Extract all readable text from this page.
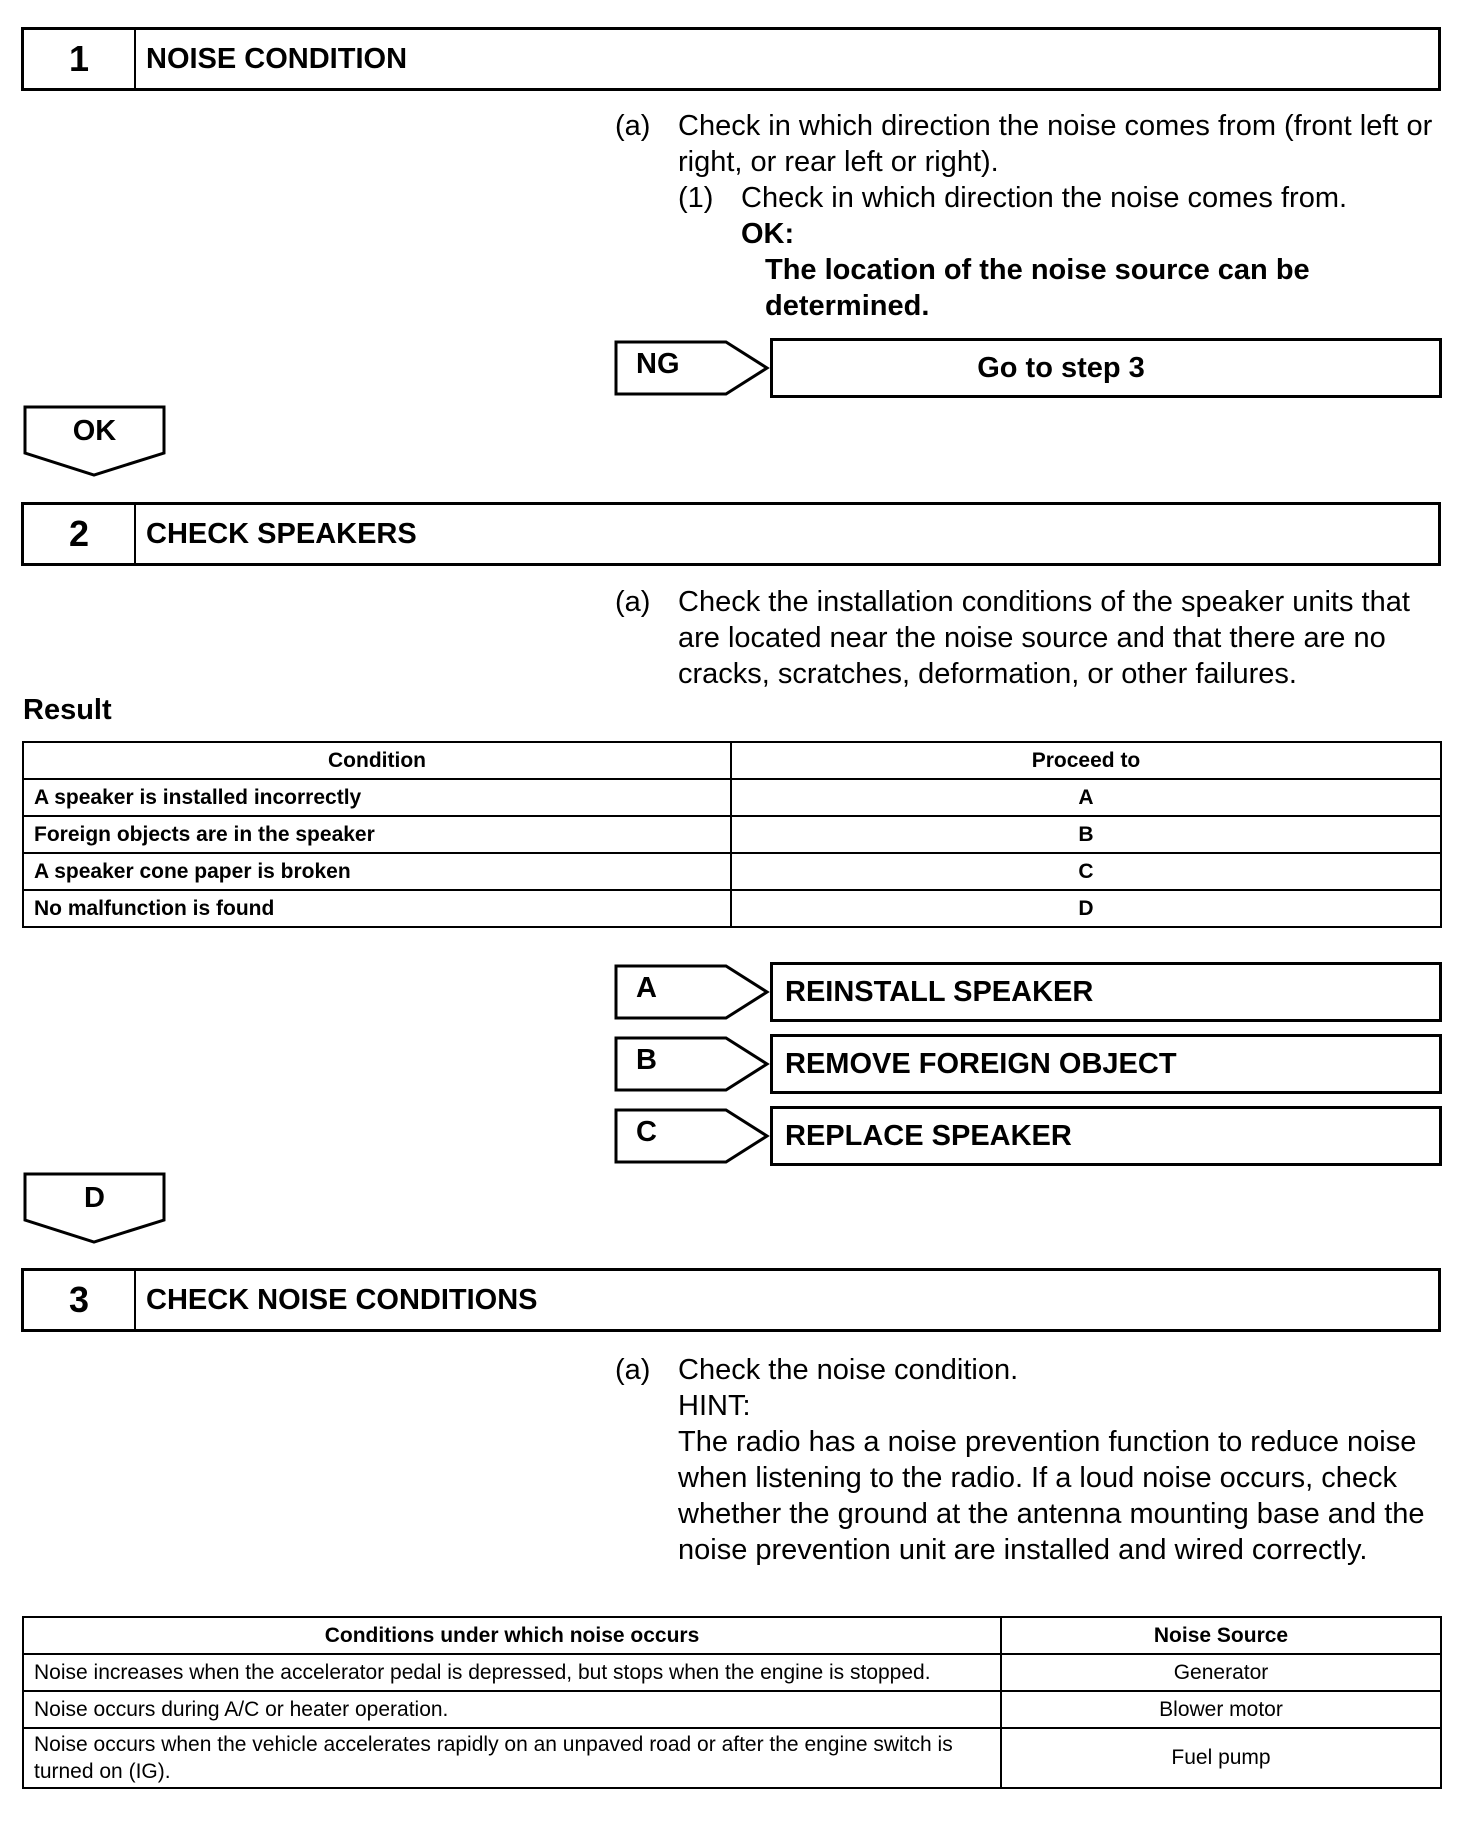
1	NOISE CONDITION
(a) Check in which direction the noise comes from (front left or right, or rear left or right).
(1) Check in which direction the noise comes from.
OK:
The location of the noise source can be determined.
NG	Go to step 3
OK
2	CHECK SPEAKERS
(a) Check the installation conditions of the speaker units that are located near the noise source and that there are no cracks, scratches, deformation, or other failures.
Result
Condition	Proceed to
A speaker is installed incorrectly	A
Foreign objects are in the speaker	B
A speaker cone paper is broken	C
No malfunction is found	D
A	REINSTALL SPEAKER
B	REMOVE FOREIGN OBJECT
C	REPLACE SPEAKER
D
3	CHECK NOISE CONDITIONS
(a) Check the noise condition.
HINT:
The radio has a noise prevention function to reduce noise when listening to the radio. If a loud noise occurs, check whether the ground at the antenna mounting base and the noise prevention unit are installed and wired correctly.
Conditions under which noise occurs	Noise Source
Noise increases when the accelerator pedal is depressed, but stops when the engine is stopped.	Generator
Noise occurs during A/C or heater operation.	Blower motor
Noise occurs when the vehicle accelerates rapidly on an unpaved road or after the engine switch is turned on (IG).	Fuel pump
